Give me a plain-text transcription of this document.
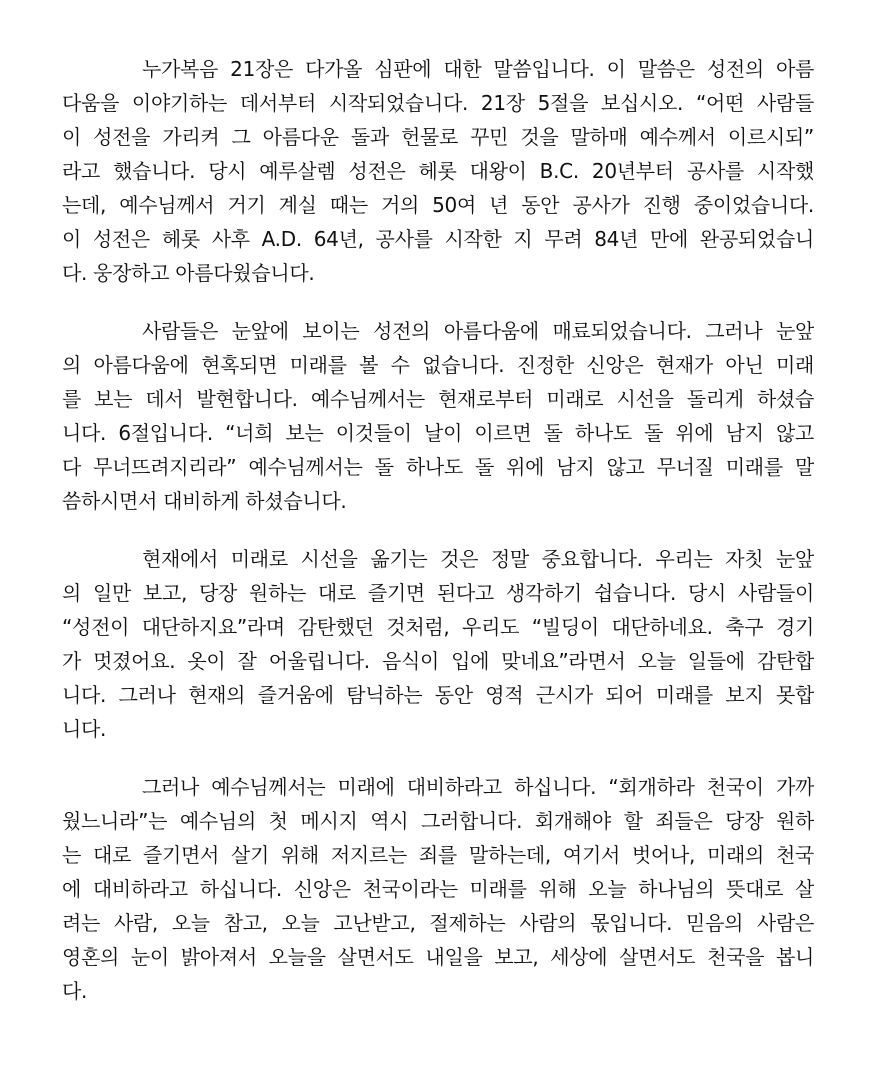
누가복음 21장은 다가올 심판에 대한 말씀입니다. 이 말씀은 성전의 아름
다움을 이야기하는 데서부터 시작되었습니다. 21장 5절을 보십시오. “어떤 사람들
이 성전을 가리켜 그 아름다운 돌과 헌물로 꾸민 것을 말하매 예수께서 이르시되”
라고 했습니다. 당시 예루살렘 성전은 헤롯 대왕이 B.C. 20년부터 공사를 시작했
는데, 예수님께서 거기 계실 때는 거의 50여 년 동안 공사가 진행 중이었습니다.
이 성전은 헤롯 사후 A.D. 64년, 공사를 시작한 지 무려 84년 만에 완공되었습니
다. 웅장하고 아름다웠습니다.
사람들은 눈앞에 보이는 성전의 아름다움에 매료되었습니다. 그러나 눈앞
의 아름다움에 현혹되면 미래를 볼 수 없습니다. 진정한 신앙은 현재가 아닌 미래
를 보는 데서 발현합니다. 예수님께서는 현재로부터 미래로 시선을 돌리게 하셨습
니다. 6절입니다. “너희 보는 이것들이 날이 이르면 돌 하나도 돌 위에 남지 않고
다 무너뜨려지리라” 예수님께서는 돌 하나도 돌 위에 남지 않고 무너질 미래를 말
씀하시면서 대비하게 하셨습니다.
현재에서 미래로 시선을 옮기는 것은 정말 중요합니다. 우리는 자칫 눈앞
의 일만 보고, 당장 원하는 대로 즐기면 된다고 생각하기 쉽습니다. 당시 사람들이
“성전이 대단하지요”라며 감탄했던 것처럼, 우리도 “빌딩이 대단하네요. 축구 경기
가 멋졌어요. 옷이 잘 어울립니다. 음식이 입에 맞네요”라면서 오늘 일들에 감탄합
니다. 그러나 현재의 즐거움에 탐닉하는 동안 영적 근시가 되어 미래를 보지 못합
니다.
그러나 예수님께서는 미래에 대비하라고 하십니다. “회개하라 천국이 가까
웠느니라”는 예수님의 첫 메시지 역시 그러합니다. 회개해야 할 죄들은 당장 원하
는 대로 즐기면서 살기 위해 저지르는 죄를 말하는데, 여기서 벗어나, 미래의 천국
에 대비하라고 하십니다. 신앙은 천국이라는 미래를 위해 오늘 하나님의 뜻대로 살
려는 사람, 오늘 참고, 오늘 고난받고, 절제하는 사람의 몫입니다. 믿음의 사람은
영혼의 눈이 밝아져서 오늘을 살면서도 내일을 보고, 세상에 살면서도 천국을 봅니
다.
